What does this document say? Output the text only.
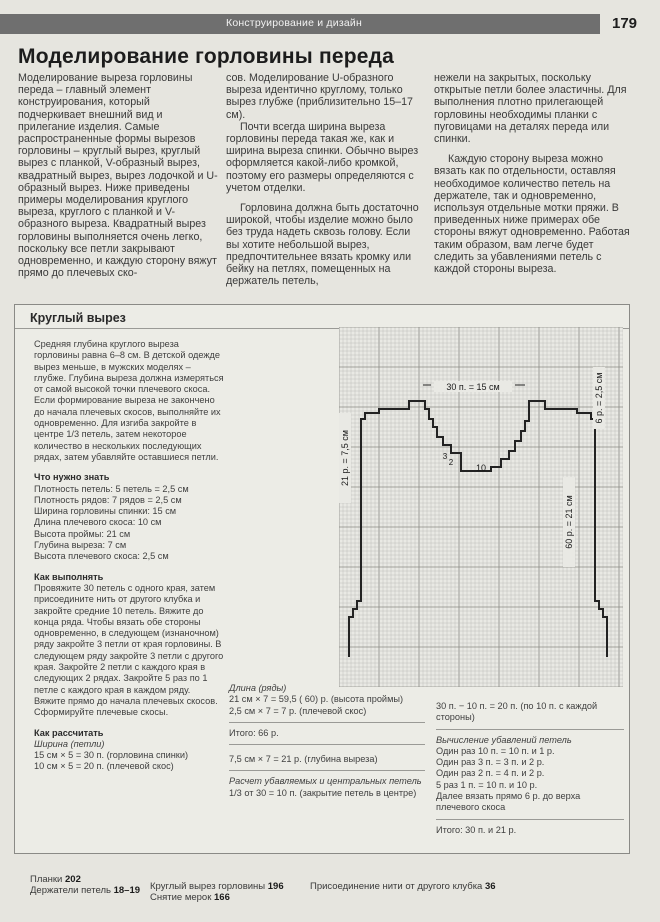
Конструирование и дизайн	179
Моделирование горловины переда

Моделирование выреза горловины переда – главный элемент конструирования, который подчеркивает внешний вид и прилегание изделия. Самые распространенные формы вырезов горловины – круглый вырез, круглый вырез с планкой, V-образный вырез, квадратный вырез, вырез лодочкой и U-образный вырез. Ниже приведены примеры моделирования круглого выреза, круглого с планкой и V-образного выреза. Квадратный вырез горловины выполняется очень легко, поскольку все петли закрывают одновременно, и каждую сторону вяжут прямо до плечевых ско-

сов. Моделирование U-образного выреза идентично круглому, только вырез глубже (приблизительно 15–17 см).

Почти всегда ширина выреза горловины переда такая же, как и ширина выреза спинки. Обычно вырез оформляется какой-либо кромкой, поэтому его размеры определяются с учетом отделки.

Горловина должна быть достаточно широкой, чтобы изделие можно было без труда надеть сквозь голову. Если вы хотите небольшой вырез, предпочтительнее вязать кромку или бейку на петлях, помещенных на держатель петель,

нежели на закрытых, поскольку открытые петли более эластичны. Для выполнения плотно прилегающей горловины необходимы планки с пуговицами на деталях переда или спинки.

Каждую сторону выреза можно вязать как по отдельности, оставляя необходимое количество петель на держателе, так и одновременно, используя отдельные мотки пряжи. В приведенных ниже примерах обе стороны вяжут одновременно. Работая таким образом, вам легче будет следить за убавлениями петель с каждой стороны выреза.

Круглый вырез

Средняя глубина круглого выреза горловины равна 6–8 см. В детской одежде вырез меньше, в мужских моделях – глубже. Глубина выреза должна измеряться от самой высокой точки плечевого скоса. Если формирование выреза не закончено до начала плечевых скосов, выполняйте их одновременно. Для изгиба закройте в центре 1/3 петель, затем некоторое количество в нескольких последующих рядах, затем убавляйте оставшиеся петли.

Что нужно знать

Плотность петель: 5 петель = 2,5 см

Плотность рядов: 7 рядов = 2,5 см

Ширина горловины спинки: 15 см

Длина плечевого скоса: 10 см

Высота проймы: 21 см

Глубина выреза: 7 см

Высота плечевого скоса: 2,5 см

Как выполнять

Провяжите 30 петель с одного края, затем присоедините нить от другого клубка и закройте средние 10 петель. Вяжите до конца ряда. Чтобы вязать обе стороны одновременно, в следующем (изнаночном) ряду закройте 3 петли от края горловины. В следующем ряду закройте 3 петли с другого края. Закройте 2 петли с каждого края в следующих 2 рядах. Закройте 5 раз по 1 петле с каждого края в каждом ряду. Вяжите прямо до начала плечевых скосов. Сформируйте плечевые скосы.

Как рассчитать

Ширина (петли)

15 см × 5 = 30 п. (горловина спинки)

10 см × 5 = 20 п. (плечевой скос)

30 п. = 15 см	6 р. = 2,5 см
21 р. = 7,5 см
60 р. = 21 см
10
3
2

Длина (ряды)

21 см × 7 = 59,5 ( 60) р. (высота проймы)

2,5 см × 7 = 7 р. (плечевой скос)

Итого: 66 р.

7,5 см × 7 = 21 р. (глубина выреза)

Расчет убавляемых и центральных петель

1/3 от 30 = 10 п. (закрытие петель в центре)

30 п. − 10 п. = 20 п. (по 10 п. с каждой стороны)

Вычисление убавлений петель

Один раз 10 п. = 10 п. и 1 р.

Один раз 3 п. = 3 п. и 2 р.

Один раз 2 п. = 4 п. и 2 р.

5 раз 1 п. = 10 п. и 10 р.

Далее вязать прямо 6 р. до верха плечевого скоса

Итого: 30 п. и 21 р.

Планки 202
Держатели петель 18–19 Круглый вырез горловины 196
Снятие мерок 166
Присоединение нити от другого клубка 36
